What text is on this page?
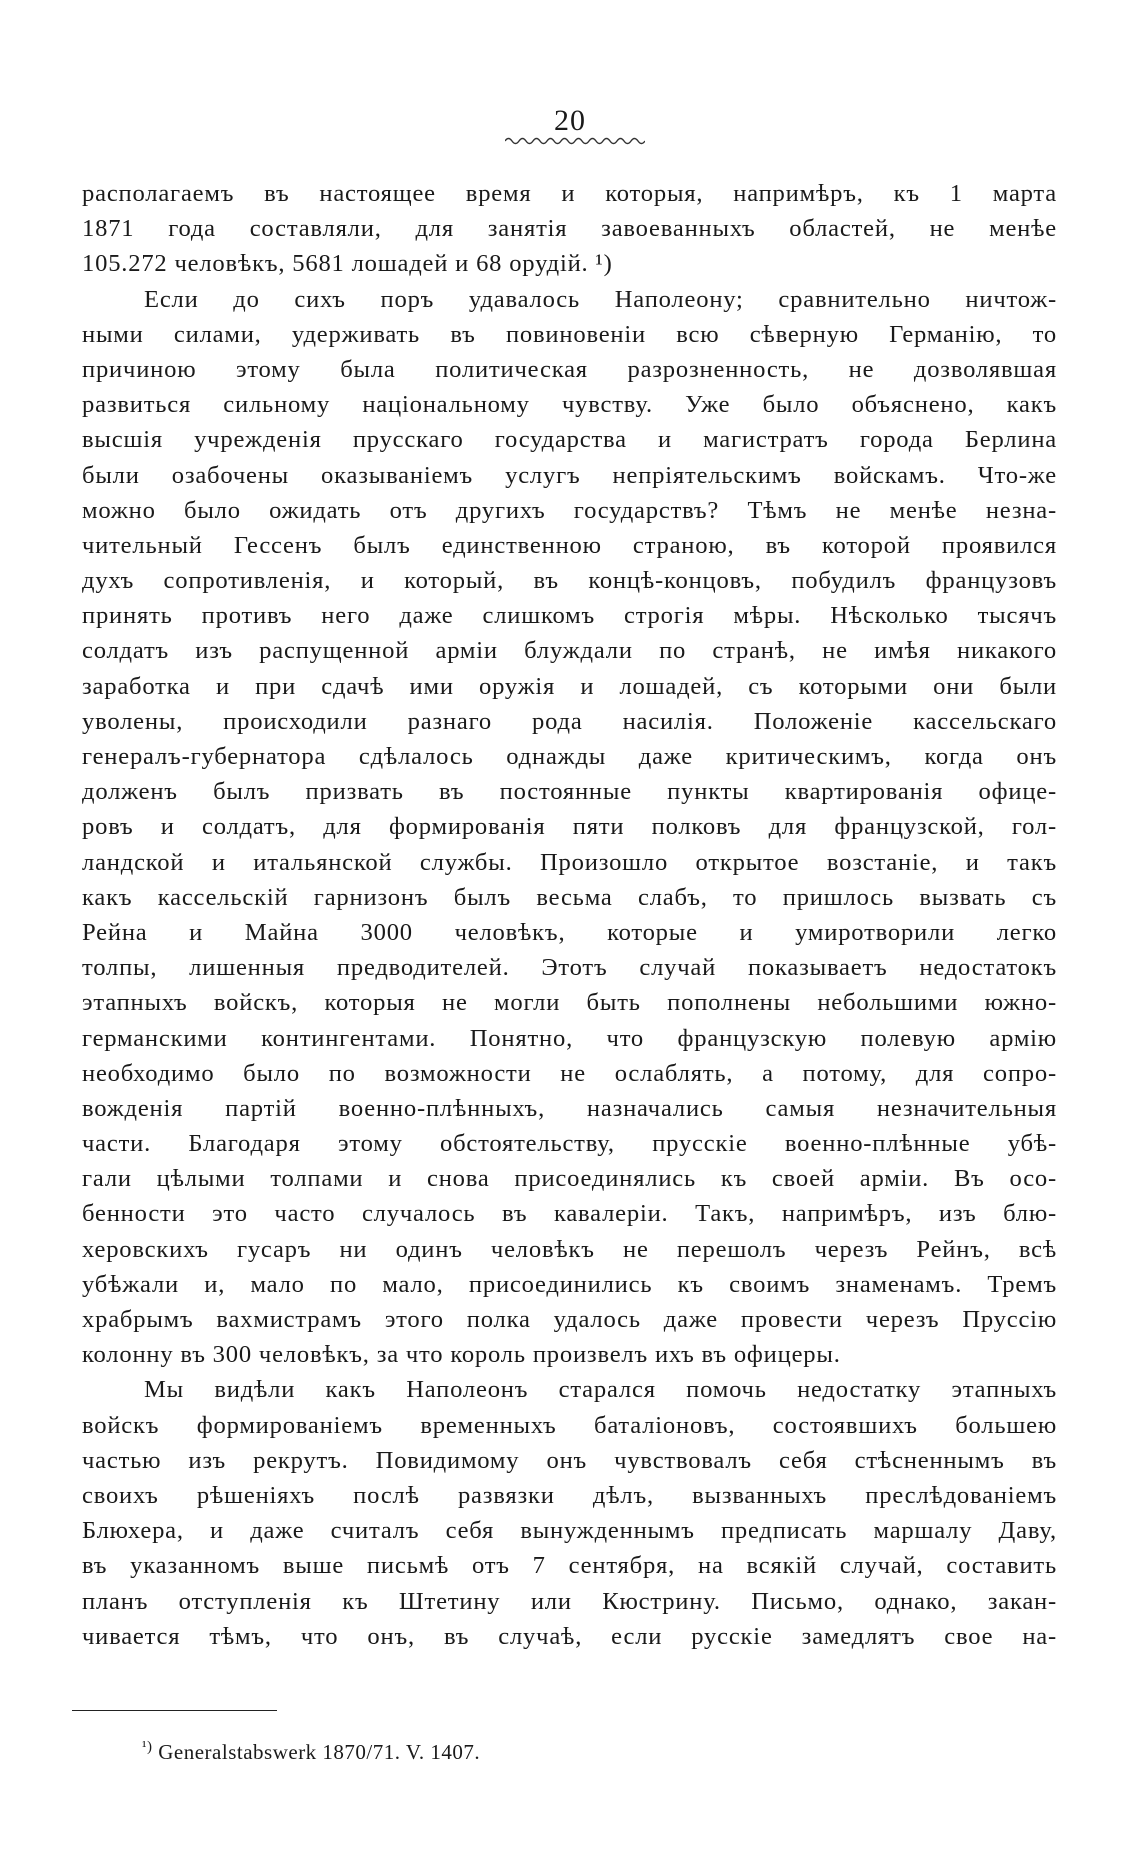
20
располагаемъ въ настоящее время и которыя, напримѣръ, къ 1 марта
1871 года составляли, для занятія завоеванныхъ областей, не менѣе
105.272 человѣкъ, 5681 лошадей и 68 орудій. ¹)
Если до сихъ поръ удавалось Наполеону; сравнительно ничтож-
ными силами, удерживать въ повиновеніи всю сѣверную Германію, то
причиною этому была политическая разрозненность, не дозволявшая
развиться сильному національному чувству. Уже было объяснено, какъ
высшія учрежденія прусскаго государства и магистратъ города Берлина
были озабочены оказываніемъ услугъ непріятельскимъ войскамъ. Что-же
можно было ожидать отъ другихъ государствъ? Тѣмъ не менѣе незна-
чительный Гессенъ былъ единственною страною, въ которой проявился
духъ сопротивленія, и который, въ концѣ-концовъ, побудилъ французовъ
принять противъ него даже слишкомъ строгія мѣры. Нѣсколько тысячъ
солдатъ изъ распущенной арміи блуждали по странѣ, не имѣя никакого
заработка и при сдачѣ ими оружія и лошадей, съ которыми они были
уволены, происходили разнаго рода насилія. Положеніе кассельскаго
генералъ-губернатора сдѣлалось однажды даже критическимъ, когда онъ
долженъ былъ призвать въ постоянные пункты квартированія офице-
ровъ и солдатъ, для формированія пяти полковъ для французской, гол-
ландской и итальянской службы. Произошло открытое возстаніе, и такъ
какъ кассельскій гарнизонъ былъ весьма слабъ, то пришлось вызвать съ
Рейна и Майна 3000 человѣкъ, которые и умиротворили легко
толпы, лишенныя предводителей. Этотъ случай показываетъ недостатокъ
этапныхъ войскъ, которыя не могли быть пополнены небольшими южно-
германскими контингентами. Понятно, что французскую полевую армію
необходимо было по возможности не ослаблять, а потому, для сопро-
вожденія партій военно-плѣнныхъ, назначались самыя незначительныя
части. Благодаря этому обстоятельству, прусскіе военно-плѣнные убѣ-
гали цѣлыми толпами и снова присоединялись къ своей арміи. Въ осо-
бенности это часто случалось въ кавалеріи. Такъ, напримѣръ, изъ блю-
херовскихъ гусаръ ни одинъ человѣкъ не перешолъ черезъ Рейнъ, всѣ
убѣжали и, мало по мало, присоединились къ своимъ знаменамъ. Тремъ
храбрымъ вахмистрамъ этого полка удалось даже провести черезъ Пруссію
колонну въ 300 человѣкъ, за что король произвелъ ихъ въ офицеры.
Мы видѣли какъ Наполеонъ старался помочь недостатку этапныхъ
войскъ формированіемъ временныхъ баталіоновъ, состоявшихъ большею
частью изъ рекрутъ. Повидимому онъ чувствовалъ себя стѣсненнымъ въ
своихъ рѣшеніяхъ послѣ развязки дѣлъ, вызванныхъ преслѣдованіемъ
Блюхера, и даже считалъ себя вынужденнымъ предписать маршалу Даву,
въ указанномъ выше письмѣ отъ 7 сентября, на всякій случай, составить
планъ отступленія къ Штетину или Кюстрину. Письмо, однако, закан-
чивается тѣмъ, что онъ, въ случаѣ, если русскіе замедлятъ свое на-
$^{^1)}$ Generalstabswerk 1870/71. V. 1407.
